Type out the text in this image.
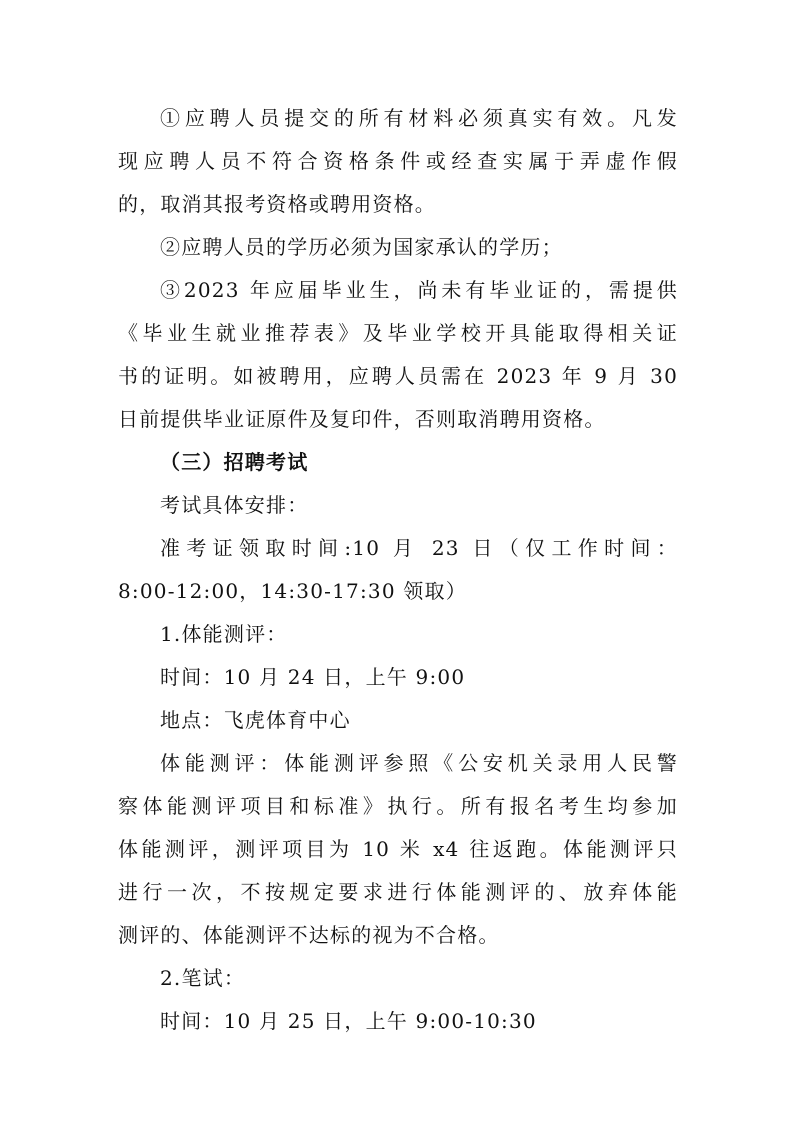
①应聘人员提交的所有材料必须真实有效。凡发
现应聘人员不符合资格条件或经查实属于弄虚作假
的，取消其报考资格或聘用资格。
②应聘人员的学历必须为国家承认的学历；
③2023 年应届毕业生，尚未有毕业证的，需提供
《毕业生就业推荐表》及毕业学校开具能取得相关证
书的证明。如被聘用，应聘人员需在 2023 年 9 月 30
日前提供毕业证原件及复印件，否则取消聘用资格。
（三）招聘考试
考试具体安排：
准考证领取时间:10 月 23 日（仅工作时间：
8:00-12:00，14:30-17:30 领取）
1.体能测评：
时间：10 月 24 日，上午 9:00
地点：飞虎体育中心
体能测评：体能测评参照《公安机关录用人民警
察体能测评项目和标准》执行。所有报名考生均参加
体能测评，测评项目为 10 米 x4 往返跑。体能测评只
进行一次，不按规定要求进行体能测评的、放弃体能
测评的、体能测评不达标的视为不合格。
2.笔试：
时间：10 月 25 日，上午 9:00-10:30
